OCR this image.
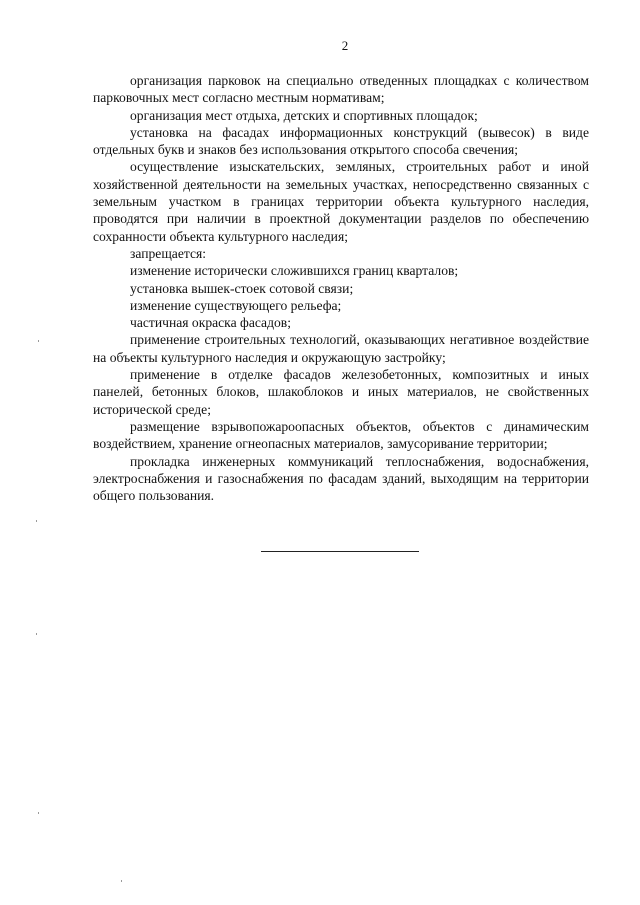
2

организация парковок на специально отведенных площадках с количеством парковочных мест согласно местным нормативам;

организация мест отдыха, детских и спортивных площадок;

установка на фасадах информационных конструкций (вывесок) в виде отдельных букв и знаков без использования открытого способа свечения;

осуществление изыскательских, земляных, строительных работ и иной хозяйственной деятельности на земельных участках, непосредственно связанных с земельным участком в границах территории объекта культурного наследия, проводятся при наличии в проектной документации разделов по обеспечению сохранности объекта культурного наследия;

запрещается:

изменение исторически сложившихся границ кварталов;

установка вышек-стоек сотовой связи;

изменение существующего рельефа;

частичная окраска фасадов;

применение строительных технологий, оказывающих негативное воздействие на объекты культурного наследия и окружающую застройку;

применение в отделке фасадов железобетонных, композитных и иных панелей, бетонных блоков, шлакоблоков и иных материалов, не свойственных исторической среде;

размещение взрывопожароопасных объектов, объектов с динамическим воздействием, хранение огнеопасных материалов, замусоривание территории;

прокладка инженерных коммуникаций теплоснабжения, водоснабжения, электроснабжения и газоснабжения по фасадам зданий, выходящим на территории общего пользования.
